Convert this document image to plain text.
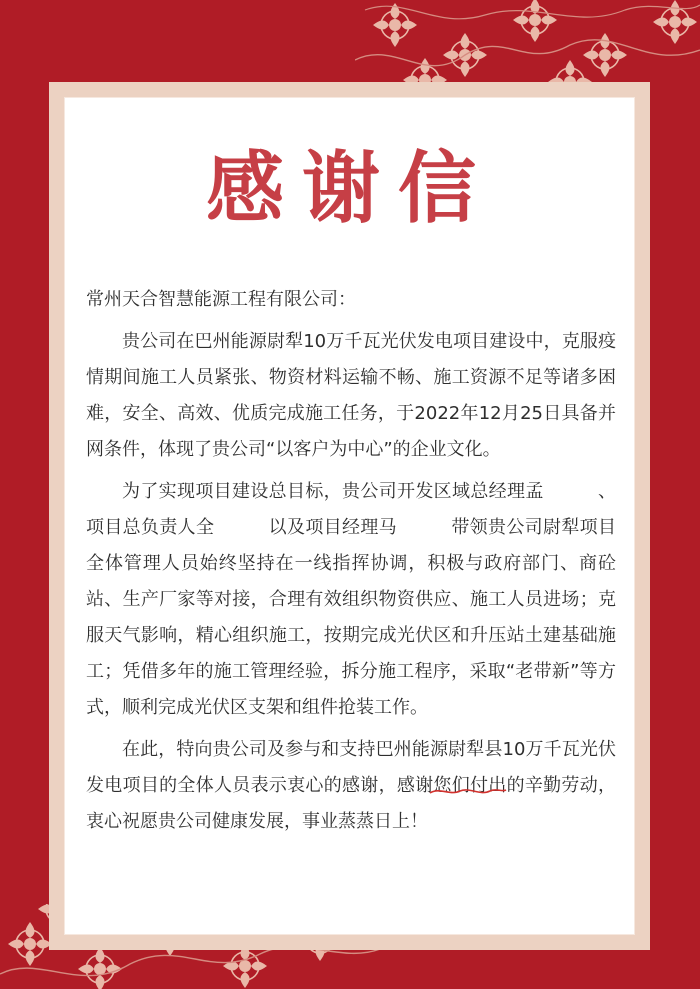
感谢信

常州天合智慧能源工程有限公司：

贵公司在巴州能源尉犁10万千瓦光伏发电项目建设中，克服疫情期间施工人员紧张、物资材料运输不畅、施工资源不足等诸多困难，安全、高效、优质完成施工任务，于2022年12月25日具备并网条件，体现了贵公司“以客户为中心”的企业文化。

为了实现项目建设总目标，贵公司开发区域总经理孟	、项目总负责人全	以及项目经理马	带领贵公司尉犁项目全体管理人员始终坚持在一线指挥协调，积极与政府部门、商砼站、生产厂家等对接，合理有效组织物资供应、施工人员进场；克服天气影响，精心组织施工，按期完成光伏区和升压站土建基础施工；凭借多年的施工管理经验，拆分施工程序，采取“老带新”等方式，顺利完成光伏区支架和组件抢装工作。

在此，特向贵公司及参与和支持巴州能源尉犁县10万千瓦光伏发电项目的全体人员表示衷心的感谢，感谢您们付出的辛勤劳动，衷心祝愿贵公司健康发展，事业蒸蒸日上！
